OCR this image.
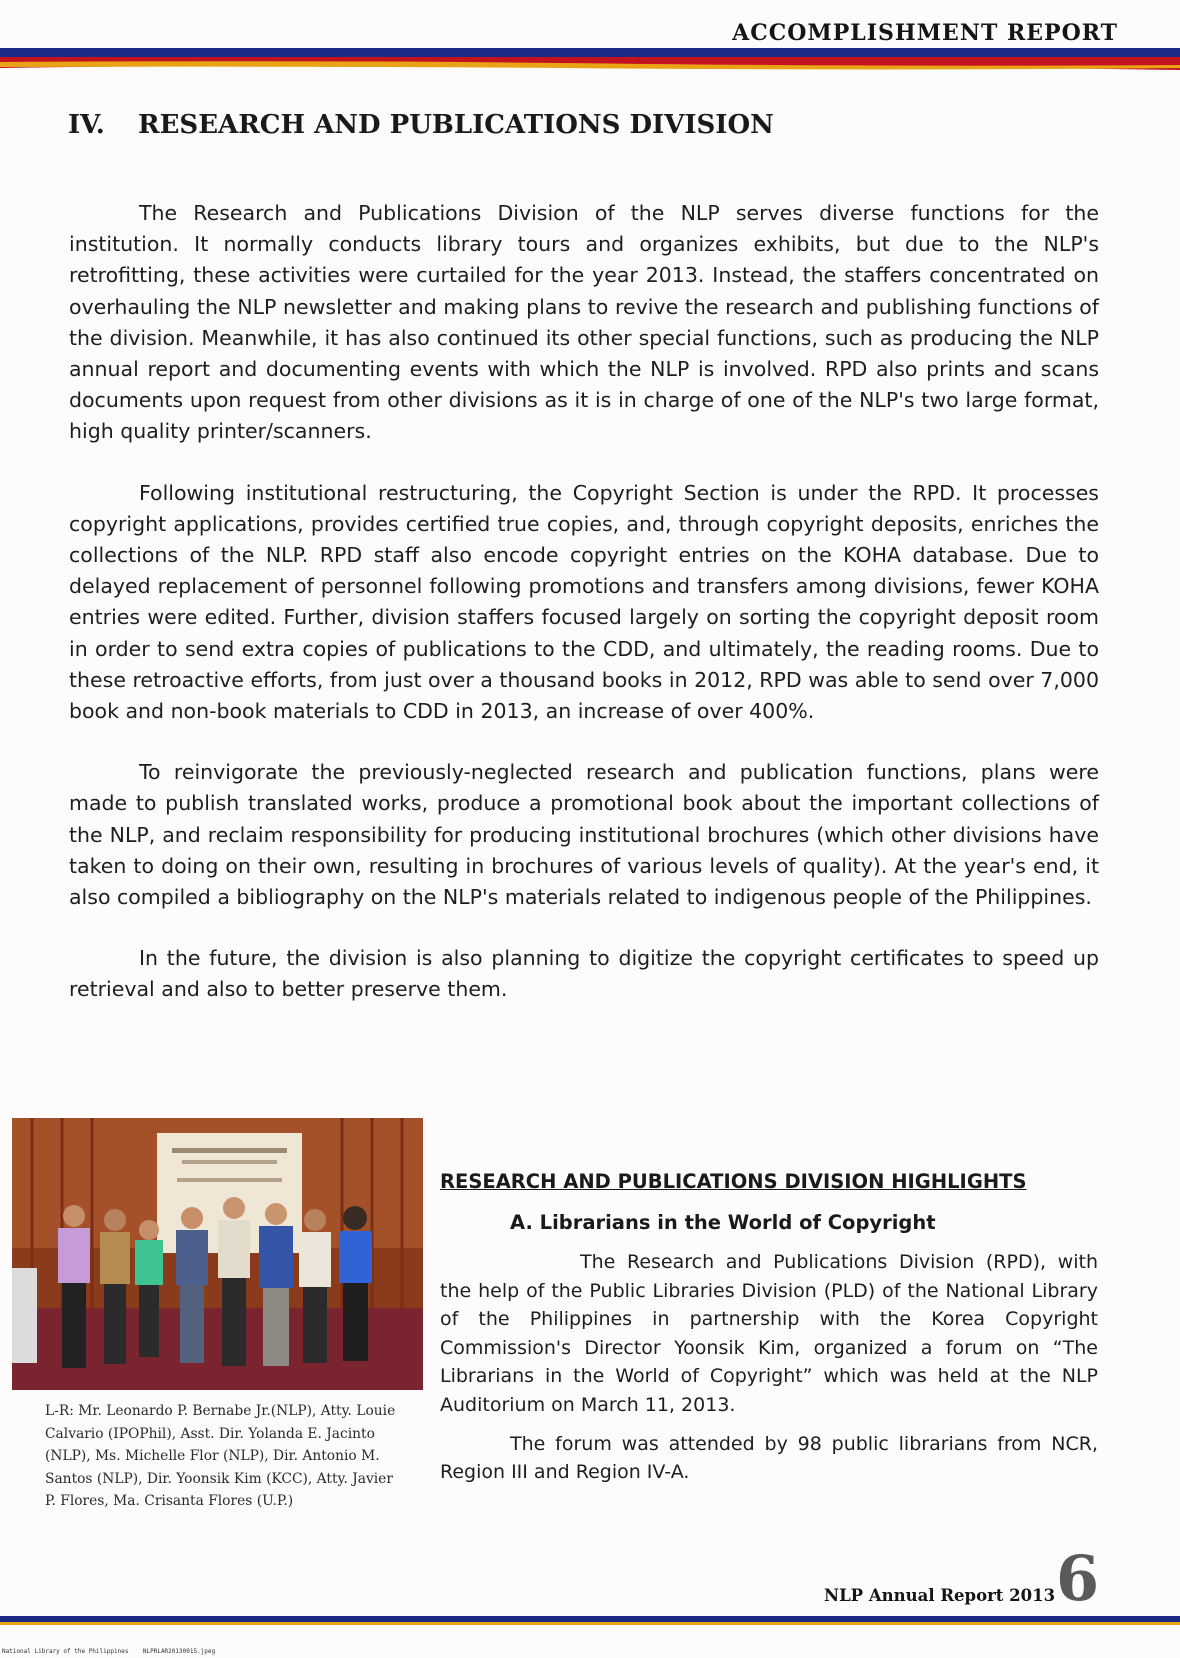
ACCOMPLISHMENT REPORT
IV. RESEARCH AND PUBLICATIONS DIVISION

The Research and Publications Division of the NLP serves diverse functions for the institution. It normally conducts library tours and organizes exhibits, but due to the NLP's retrofitting, these activities were curtailed for the year 2013. Instead, the staffers concentrated on overhauling the NLP newsletter and making plans to revive the research and publishing functions of the division. Meanwhile, it has also continued its other special functions, such as producing the NLP annual report and documenting events with which the NLP is involved. RPD also prints and scans documents upon request from other divisions as it is in charge of one of the NLP's two large format, high quality printer/scanners.

Following institutional restructuring, the Copyright Section is under the RPD. It processes copyright applications, provides certified true copies, and, through copyright deposits, enriches the collections of the NLP. RPD staff also encode copyright entries on the KOHA database. Due to delayed replacement of personnel following promotions and transfers among divisions, fewer KOHA entries were edited. Further, division staffers focused largely on sorting the copyright deposit room in order to send extra copies of publications to the CDD, and ultimately, the reading rooms. Due to these retroactive efforts, from just over a thousand books in 2012, RPD was able to send over 7,000 book and non-book materials to CDD in 2013, an increase of over 400%.

To reinvigorate the previously-neglected research and publication functions, plans were made to publish translated works, produce a promotional book about the important collections of the NLP, and reclaim responsibility for producing institutional brochures (which other divisions have taken to doing on their own, resulting in brochures of various levels of quality). At the year's end, it also compiled a bibliography on the NLP's materials related to indigenous people of the Philippines.

In the future, the division is also planning to digitize the copyright certificates to speed up retrieval and also to better preserve them.

L-R: Mr. Leonardo P. Bernabe Jr.(NLP), Atty. Louie Calvario (IPOPhil), Asst. Dir. Yolanda E. Jacinto (NLP), Ms. Michelle Flor (NLP), Dir. Antonio M. Santos (NLP), Dir. Yoonsik Kim (KCC), Atty. Javier P. Flores, Ma. Crisanta Flores (U.P.)
RESEARCH AND PUBLICATIONS DIVISION HIGHLIGHTS
A. Librarians in the World of Copyright

The Research and Publications Division (RPD), with the help of the Public Libraries Division (PLD) of the National Library of the Philippines in partnership with the Korea Copyright Commission's Director Yoonsik Kim, organized a forum on “The Librarians in the World of Copyright” which was held at the NLP Auditorium on March 11, 2013.

The forum was attended by 98 public librarians from NCR, Region III and Region IV-A.

NLP Annual Report 2013 6
National Library of the Philippines    NLPRLAR20130015.jpeg
